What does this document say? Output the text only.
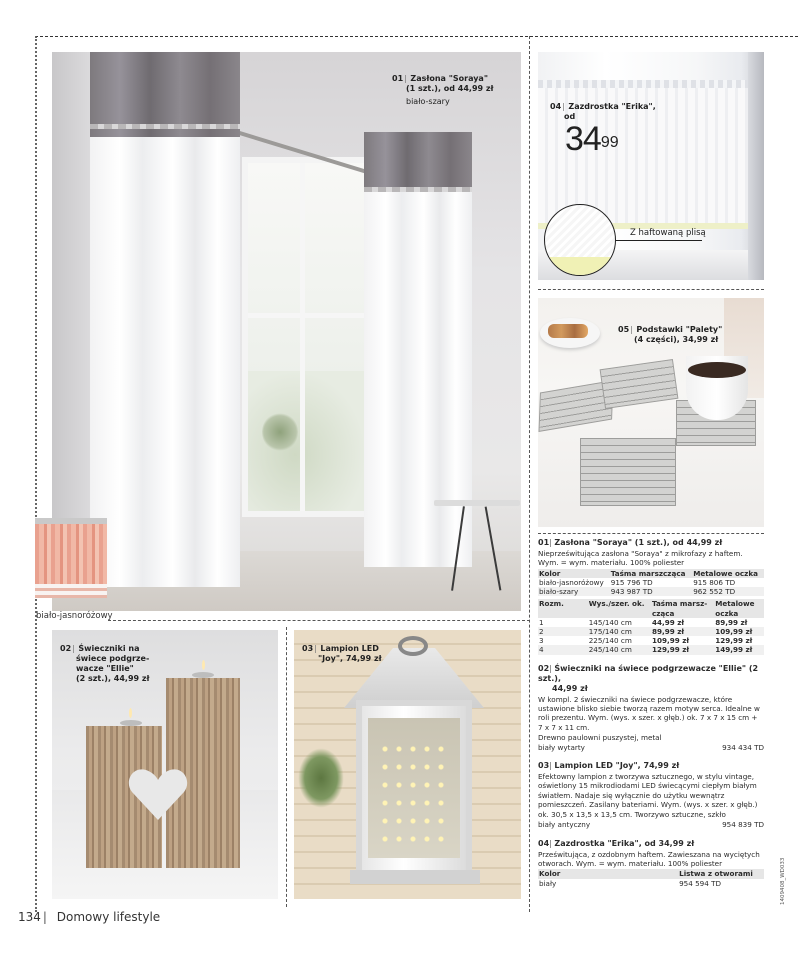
01| Zasłona "Soraya"
(1 szt.), od 44,99 zł
biało-szary
biało-jasnoróżowy
Z haftowaną plisą
04| Zazdrostka "Erika",
od
$34^{99}$
05| Podstawki "Palety"
(4 części), 34,99 zł
02| Świeczniki na
świece podgrze-
wacze "Ellie"
(2 szt.), 44,99 zł
03| Lampion LED
"Joy", 74,99 zł
01| Zasłona "Soraya" (1 szt.), od 44,99 zł
Nieprześwitująca zasłona "Soraya" z mikrofazy z haftem. Wym. = wym. materiału. 100% poliester
Kolor	Taśma marszcząca	Metalowe oczka
biało-jasnoróżowy	915 796 TD	915 806 TD
biało-szary	943 987 TD	962 552 TD
Rozm.	Wys./szer. ok.	Taśma marsz-cząca	Metalowe oczka
1	145/140 cm	44,99 zł	89,99 zł
2	175/140 cm	89,99 zł	109,99 zł
3	225/140 cm	109,99 zł	129,99 zł
4	245/140 cm	129,99 zł	149,99 zł
02| Świeczniki na świece podgrzewacze "Ellie" (2 szt.),
44,99 zł
W kompl. 2 świeczniki na świece podgrzewacze, które ustawione blisko siebie tworzą razem motyw serca. Idealne w roli prezentu. Wym. (wys. x szer. x głęb.) ok. 7 x 7 x 15 cm + 7 x 7 x 11 cm.
Drewno paulowni puszystej, metal
biały wytarty	934 434 TD
03| Lampion LED "Joy", 74,99 zł
Efektowny lampion z tworzywa sztucznego, w stylu vintage, oświetlony 15 mikrodiodami LED świecącymi ciepłym białym światłem. Nadaje się wyłącznie do użytku wewnątrz pomieszczeń. Zasilany bateriami. Wym. (wys. x szer. x głęb.) ok. 30,5 x 13,5 x 13,5 cm. Tworzywo sztuczne, szkło
biały antyczny	954 839 TD
04| Zazdrostka "Erika", od 34,99 zł
Prześwitująca, z ozdobnym haftem. Zawieszana na wyciętych otworach. Wym. = wym. materiału. 100% poliester
Kolor	Listwa z otworami
biały	954 594 TD
134 | Domowy lifestyle
1409408_WD033
